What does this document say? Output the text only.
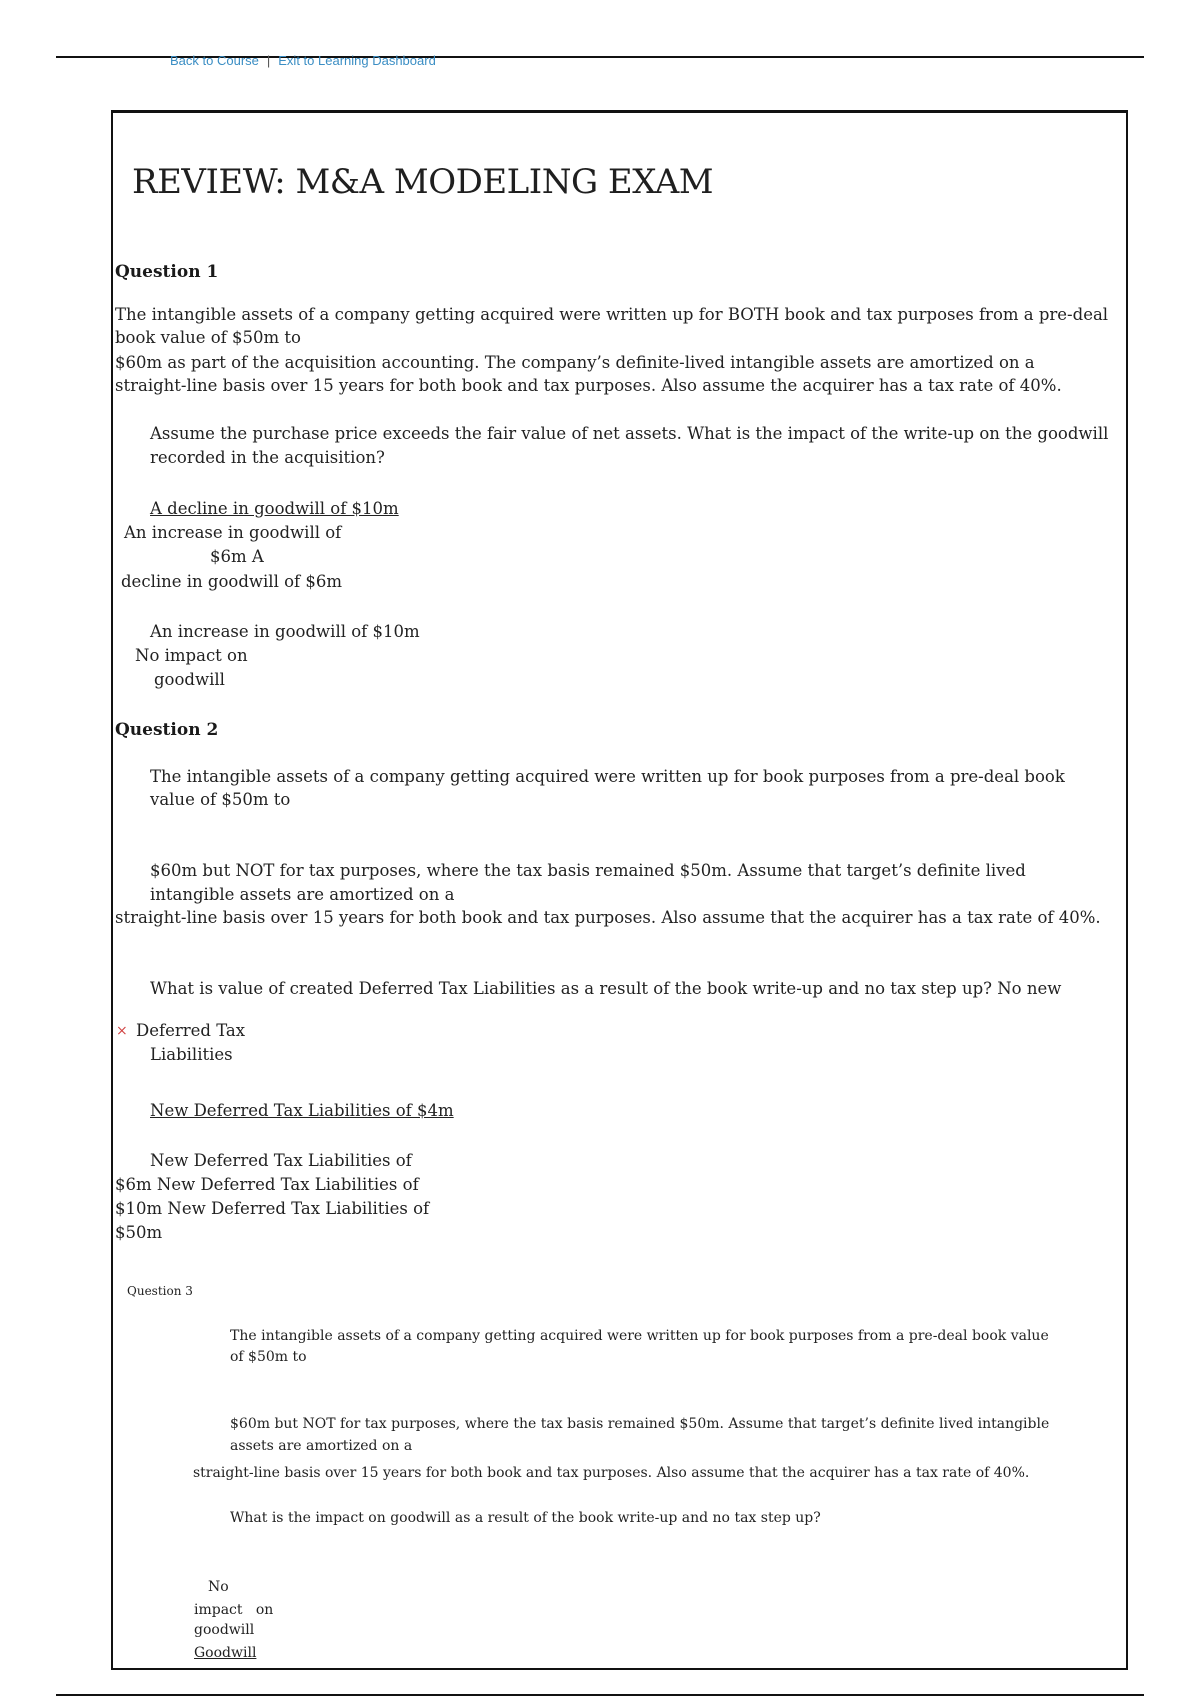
Back to Course | Exit to Learning Dashboard
REVIEW: M&A MODELING EXAM
Question 1
The intangible assets of a company getting acquired were written up for BOTH book and tax purposes from a pre-deal
book value of $50m to
$60m as part of the acquisition accounting. The company’s definite-lived intangible assets are amortized on a
straight-line basis over 15 years for both book and tax purposes. Also assume the acquirer has a tax rate of 40%.
Assume the purchase price exceeds the fair value of net assets. What is the impact of the write-up on the goodwill
recorded in the acquisition?
A decline in goodwill of $10m
An increase in goodwill of
$6m A
decline in goodwill of $6m
An increase in goodwill of $10m
No impact on
goodwill
Question 2
The intangible assets of a company getting acquired were written up for book purposes from a pre-deal book
value of $50m to
$60m but NOT for tax purposes, where the tax basis remained $50m. Assume that target’s definite lived
intangible assets are amortized on a
straight-line basis over 15 years for both book and tax purposes. Also assume that the acquirer has a tax rate of 40%.
What is value of created Deferred Tax Liabilities as a result of the book write-up and no tax step up? No new
× Deferred Tax
Liabilities
New Deferred Tax Liabilities of $4m
New Deferred Tax Liabilities of
$6m New Deferred Tax Liabilities of
$10m New Deferred Tax Liabilities of
$50m
Question 3
The intangible assets of a company getting acquired were written up for book purposes from a pre-deal book value
of $50m to
$60m but NOT for tax purposes, where the tax basis remained $50m. Assume that target’s definite lived intangible
assets are amortized on a
straight-line basis over 15 years for both book and tax purposes. Also assume that the acquirer has a tax rate of 40%.
What is the impact on goodwill as a result of the book write-up and no tax step up?
No
impact   on
goodwill
Goodwill
